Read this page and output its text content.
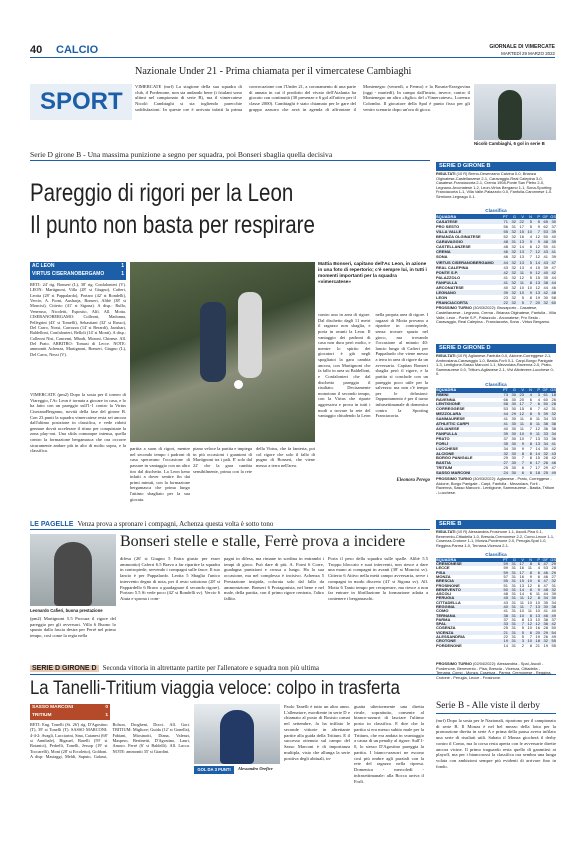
40 CALCIO	GIORNALE DI VIMERCATE
MARTEDÌ 29 MARZO 2022
Nazionale Under 21 - Prima chiamata per il vimercatese Cambiaghi
SPORT
VIMERCATE (mrf) La stagione della sua squadra di club, il Pordenone, non sta andando bene (i friulani sono ultimi nel campionato di serie B), ma il vimercatese Nicolò Cambiaghi si sta togliendo parecchie soddisfazioni. In queste ore è arrivata infatti la prima convocazione con l'Under 21, a coronamento di una parte di annata in cui il prodotto del vivaio dell'Atalanta ha giocato con continuità (30 presenze e 6 gol all'attivo per il classe 2000). Cambiaghi è stato chiamato per le gare del gruppo azzurro che avrà in agenda di affrontare il Montenegro (venerdì, a Fermo) e la Bosnia-Erzegovina (oggi - martedì). In campo dall'inizio, invece, contro il Montenegro un altro «figlio» del «Vimercatese», Lorenzo Colombo. Il giocatore della Spal è punto fisso per gli veniro scenario dopo un'ora di gioco.
Nicolò Cambiaghi, 6 gol in serie B
Serie D girone B - Una massima punizione a segno per squadra, poi Bonseri sbaglia quella decisiva
Pareggio di rigori per la Leon
Il punto non basta per respirare
AC LEON	1
VIRTUS CISERANOBERGAMO	1
RETI: 24' rig. Bonseri (L), 38' rig. Confalonieri (V). LEON: Martignoni, Villa (28' st Giugno), Cafieri, Leotta (28' st Pappalardo), Portaro (42' st Rondelli), Vercio, A. Forni, Ausharja, Bonseri, Alibè (38' st Moncisi), Citterio (41' st Sigona). A disp.: Rullo, Veneruso, Nicoletti, Esposito, Alfi. All. Motta. CISERANOBERGAMO: Colleoni, Madonna, Pellegrini (43' st Tomelli), Sebastiani (32' st Russo), Del Carro, Nossi, Carrozza (14' st Berardi), Jaouhari, Baldelloni, Confalonieri, Belloli (14' st Monti). A disp.: Colleoni Nisi, Cancemi, Mbodi, Moroni, Chinese. All. Del Prato. ARBITRO: Tomasi di Lecce. NOTE: ammoniti Achenza, Martignoni, Bonseri, Giugno (L), Del Carro, Nessi (V).
VIMERCATE (pm2) Dopo la sosta per il torneo di Viareggio, l'Ac Leon è tornata a giocare in casa, e lo ha fatto con un pareggio sull'1-1 contro la Virtus CiseranoBergamo, novità della fase del girone B. Con 23 punti la squadra vimercatese resta sei ancora dall'ultimo posizione in classifica, e vede ridotti gennare dovrà accelerare il ritmo per conquistare la zona play-out. Una sfida comunque intensa, quella contro la formazione bergamasca che ora occorre sicuramente andare più in alto di molto sopra, e la classifica.
Mattia Bonseri, capitano dell'Ac Leon, in azione in una foto di repertorio; c'è sempre lui, in tutti i momenti importanti per la squadra «vimercatese»
contro uno in area di rigore. Dal dischetto dagli 11 metri il ragazzo non sbaglia, e porta in avanti la Leon. Il vantaggio dei padroni di casa non dura però molto, e mentre lo spirito dei giocatori è già negli spogliatoi la gara cambia ancora, con Martignoni che fa fallo in area su Baldelloni, e Confalonieri che dal dischetto pareggia il risultato. Decisamente monotono il secondo tempo, con la Virtus che riparte aggressiva e prova in tutti i modi a trovare la rete del vantaggio chiudendo la Leon nella propria area di rigore. I ragazzi di Motta provano a ripartire in contropiede, senza trovare spazio nel gioco, ma trovando l'occasione al minuto 40: lancio lungo di Cafieri per Pappalardo che viene messo a terra in area di rigore da un avversario. Capitan Bonseri sbaglia però il rigore, e la partita si conclude con un pareggio poco utile per la salvezza: ma non c'è tempo per le delusioni: l'appuntamento è per il turno infrasettimanale di domenica contro la Sporting Franciacorta.
partita a suon di rigori, mentre nel secondo tempo i padroni di casa speravano l'occasione di passare in vantaggio con un altro tiro dal dischetto. La Leon keno infatti a dover sentire fin dai primi minuti, con la formazione bergamasca che prima lungo l'attimo sbagliato per la sua giocata.
piano veloce la partita e impiega in più occasioni i guantoni di Martignoni tra i pali. E' solo dal 22' che la gara cambia sensibilmente, prima con la rete della Virtus, che fa fanteria, poi col rigore che solo il fallo di pugno di Bonseri, che viene messo a terra nell'area.
Eleonora Perego
SERIE D GIRONE B
RISULTATI (10 R) Breno-Desenzano Calvina 0-0, Brianza Olginatese-Castellanzese 2-1, Caravaggio-Real Calepina 3-0, Casatese-Franciacorta 2-1, Crema 1908-Ponte San Pietro 2-0, Legnano-Arconatese 1-2, Leon-Virtus Bergamo 1-1, Sona-Sporting Franciacorta 1-1, Villa Valle-Palazzolo 0-0, Fanfulla-Caronnese 1-0. Sirmione-Legnago 0-1.
Classifica
SQUADRA	PT	G	V	N	P GF GS
CASATESE	71 32 22	5	5 65 30
PRO SESTO	56 31 17	5	9 62 37
VILLA VALLE	55 32 15 10	7 53 39
BRIANZA OLGINATESE	52 32 16	4 12 50 40
CARAVAGGIO	48 31 13	9	9 48 39
CASTELLANZESE	48 32 14	6 12 50 41
CREMA	46 32 13	7 12 43 41
SONA	46 32 13	7 12 41 39
VIRTUS CISERANOBERGAMO	44 32 13	5 14 43 47
REAL CALEPINA	43 32 13	4 15 39 47
PONTE S.P.	42 32 11	9 12 40 42
PALAZZOLO	41 32 12	5 15 35 44
FANFULLA	41 32 11	8 13 38 44
ARCONATESE	40 32 10 10 12 44 46
LEGNANO	39 32 10	9 13 42 48
LEON	23 32	5	8 19 30 58
FRANCIACORTA	22 32	5	7 20 32 60
PROSSIMO TURNO (30/03/2022): Brusaporto - Casatese, Castellanzese - Legnano, Crema - Brianza Olginatese, Fanfulla - Villa Valle, Leon - Ponte S.P., Palazzolo - Arconatese, Pro Sesto - Caravaggio, Real Calepina - Franciacorta, Sona - Virtus Bergamo.
SERIE D GIRONE D
RISULTATI (10 R) Aglianese-Fanfulla 0-0, Alcione-Correggese 2-1, Ambrosiana-Caravaggio 1-0, Bastia-Forlì 0-1, Carpi-Borgo Panigale 1-3, Lentigione-Sasso Marconi 1-1, Mezzolara-Ravenna 2-0, Prato-Sammaurese 0-0, Tritium-Aglianese 2-1, Vivi Altotevere-Lucchese 0-0.
Classifica
SQUADRA	PT	G	V	N	P GF GS
RIMINI	73 30 23	4	3 61 18
RAVENNA	66 30 20	6	4 60 26
LENTIGIONE	58 30 17	7	6 50 28
CORREGGESE	53 30 15	8	7 42 31
MEZZOLARA	44 29 12	8	9 39 32
SAMMAURESE	41 30 11	8 11 34 33
ATHLETIC CARPI	41 30 11	8 11 38 38
AGLIANESE	40 30 11	7 12 36 38
FANFULLA	39 30 10	9 11 33 34
PRATO	37 30 10	7 13 33 36
FORLÌ	35 30	9	8 13 34 41
LUCCHESE	34 30	9	7 14 30 42
ALCIONE	32 30	8	8 14 32 43
BORGO PANIGALE	29 30	7	8 15 28 42
BASTIA	27 30	7	6 17 26 48
TRITIUM	25 30	6	7 17 29 47
SASSO MARCONI	24 30	6	6 18 25 49
PROSSIMO TURNO (30/03/2022): Aglianese - Prato, Correggese - Alcione, Borgo Panigale - Carpi, Fanfulla - Mezzolara, Forlì - Ravenna, Sasso Marconi - Lentigione, Sammaurese - Bastia, Tritium - Lucchese.
LE PAGELLE Venza prova a spronare i compagni, Achenza questa volta è sotto tono
Bonseri stelle e stalle, Ferrè prova a incidere
Leonardo Cafieri, buona prestazione
(pm2) Martignoni 5.5 Procura il rigore del pareggio per gli avversari. Villa 6 Buono lo spunto dalla fascia destra per Ferrè nel primo tempo, così come la regia nella
difesa (26' st Giugno 5 Entra giusto per esser ammonito) Caferri 6.5 Bravo a far ripartire la squadra in contropiede, servendo i compagni sulle fasce. Il suo lancio è per Pappalardo. Leotta 5 Sbaglia l'unico intervento degno di nota, per il resto sottotono (28' st Pappardello 6 Bravo a guadagnare il secondo rigore). Portaro 5.5 Si vede poco (42' st Rondelli sv). Vercio 6 Aiuta e sprona i com-
pagni in difesa, ma rimane in sordina in entrambi i tempi di gioco. Può dare di più. A. Forni 6 Corre, guadagna punizioni e crossa a lungo. Ha la sua occasione, ma nel complesso è incisivo. Achenza 5 Prestazione insipida, colorata solo dal fallo da ammonizione. Bonseri 6 Protagonista, nel bene e nel male, della partita, con il primo rigore centrato, l'altro fallito.
Porta il peso della squadra sulle spalle. Alibè 5.5 Troppo bloccato e suoi interventi, non riesce a dare una mano ai compagni in avanti (38' st Moncisi sv). Citterio 6 Attivo nella metà campo avversaria, serve i compagni in modo discreto (41' st Sigona sv). All. Motta 6 Tanto tempo per recuperare, ma riesce a non far entrare in fibrillazione la formazione adatta a contenere i bergamaschi.
SERIE D GIRONE D Seconda vittoria in altrettante partite per l'allenatore e squadra non più ultima
La Tanelli-Tritium viaggia veloce: colpo in trasferta
SASSO MARCONI	0
TRITIUM	1
RETI: Eng. Tonelli (St. 26') rig. D'Agostino (T), 39' st Tonelli (T). SASSO MARCONI: 4-4-2: Avagli, Lucciarini, Sina, Catanesi (68' st Annibale), Bigauel, Barelli (59' st Botanici), Pedrelli, Tonelli, Jessop (19' st Toccarelli), Moni (28' st Ercoletto), Goldoni. A disp: Masiaggi, Meldi, Saputo, Galassi, Bolson, Drogheni, Docci. All. Gori. TRITIUM: Migliore; Guida (12' st Gonella), Fabiani, Miosinotti, Diana, Valenzi, Maspero, Bertinetti, D'Agostino, Lauri, Amoro. Ferrè (6' st Baldelli). All. Lucca. NOTE: ammoniti 35' st Giardini.
GOL DA 3 PUNTI	Alessandro Orefice
Paolo Tanelli è tutto un altro anno. L'allenatore, esordiente in serie D e chiamato al posto di Bosisio ormai nel settembre, fa ha infilato le seconde vittorie in altrettante partite alla guida della Tritium. E il successo ottenuto sul campo del Sasso Marconi è di importanza multipla, visto che allunga la serie positiva degli abituali, in-
guaita ulteriormente una diretta rivale, soprattutto, consente al bianco-azzurri di lasciare l'ultimo posto in classifica. E dire che la partita si era messo subito male per la Tritium, che era andata in svantaggio a causa di un penalty al rigore. Sull'1-0, lo stesso D'Agostino pareggia la partita. I bianco-azzurri ne escono così più ombre agli parziali con la rete del ragazzo nella ripresa. Domenica - mercoledì - infrasettimanale: alla Bocca arriva il Forlì.
SERIE B
RISULTATI (10 R) Alessandria-Frosinone 1-1, Ascoli-Pisa 0-1, Benevento-Cittadella 1-0, Brescia-Cremonese 2-2, Como-Lecce 1-1, Cosenza-Crotone 1-1, Monza-Pordenone 2-0, Perugia-Spal 1-0, Reggina-Parma 1-0, Ternana-Vicenza 2-1.
Classifica
SQUADRA	PT	G	V	N	P GF GS
CREMONESE	59 31 17	8	6 47 29
LECCE	59 31 16 11	4 53 28
PISA	59 31 17	8	6 46 29
MONZA	57 31 16	9	6 46 27
BRESCIA	55 31 15 10	6 47 32
FROSINONE	51 31 13 12	6 47 31
BENEVENTO	50 31 14	8	9 48 32
ASCOLI	48 31 14	6 11 44 39
PERUGIA	45 31 11 12	8 34 30
CITTADELLA	43 31 11 10 10 35 34
REGGINA	40 31 11	7 13 30 38
COMO	41 31 10 11 10 41 40
TERNANA	38 31 10	8 13 46 49
PARMA	37 31	8 13 10 38 37
SPAL	33 31	7 12 12 36 42
COSENZA	25 31	5 10 16 28 50
VICENZA	21 31	5	6 20 29 54
ALESSANDRIA	22 31	5	7 19 26 49
CROTONE	19 31	3 10 18 32 55
PORDENONE	14 31	2	8 21 19 55
PROSSIMO TURNO (02/04/2022): Alessandria - Spal, Ascoli - Pordenone, Benevento - Pisa, Brescia - Vicenza, Cittadella - Ternana, Como - Monza, Cosenza - Parma, Cremonese - Reggina, Crotone - Perugia, Lecce - Frosinone.
Serie B - Alle viste il derby
(mrf) Dopo la sosta per le Nazionali, ripartono per il campionato di serie B. Il Monza è nel bel mezzo della lotta per la promozione diretta in serie A e prima della pausa aveva infilato una serie di risultati utili. Sabato il Monza giocherà il derby contro il Como, ma la corsa resta aperta con le avversarie dirette ancora vicine. Il primo traguardo resta quello di garantirsi ai playoff, ma per i biancorossi la classifica ora sembra una lunga volata con ambizioni sempre più evidenti di arrivare fino in fondo.
